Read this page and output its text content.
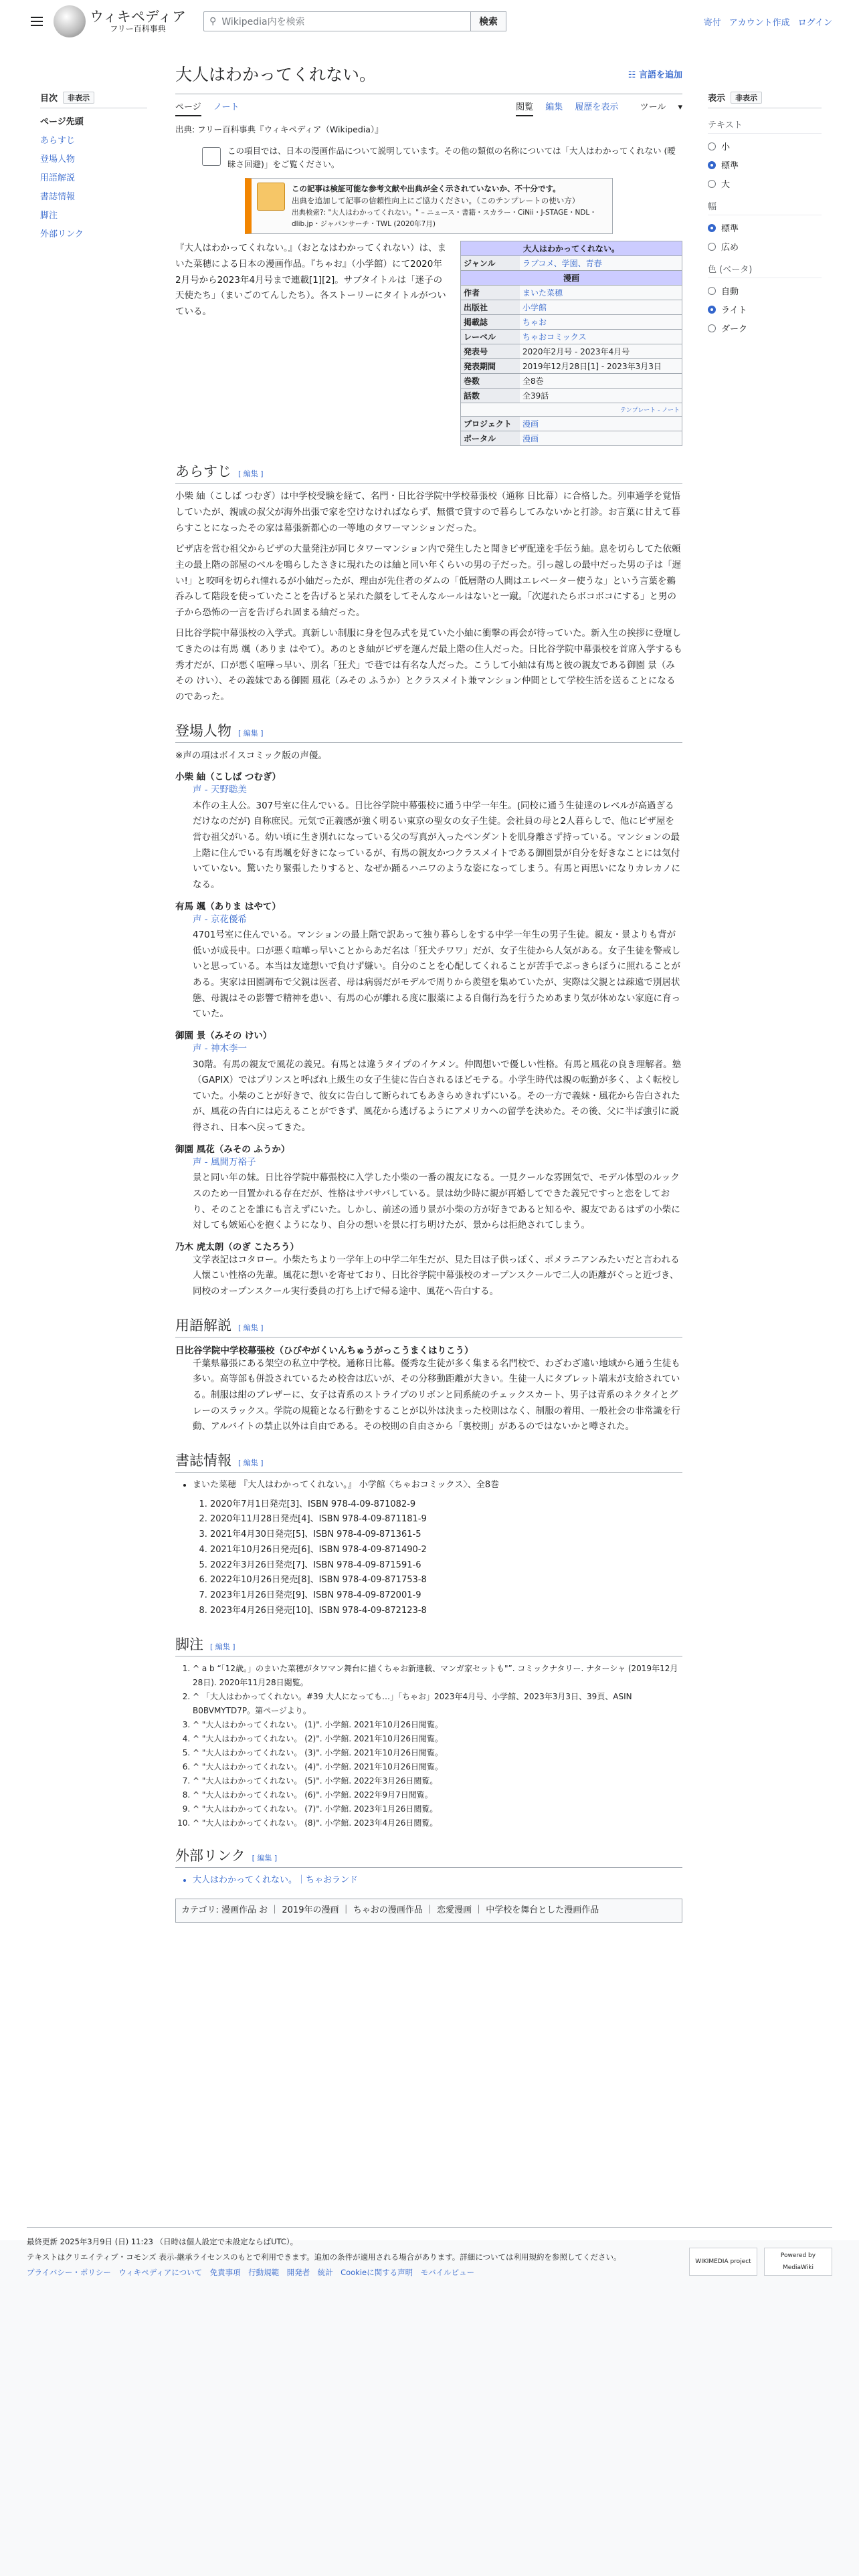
ウィキペディア
フリー百科事典
⚲ Wikipedia内を検索	検索	寄付 アカウント作成 ログイン
目次	非表示
ページ先頭
あらすじ
登場人物
用語解説
書誌情報
脚注
外部リンク
表示	非表示
テキスト
小
標準
大
幅
標準
広め
色 (ベータ)
自動
ライト
ダーク
大人はわかってくれない。	☷ 言語を追加
ページ ノート	閲覧 編集 履歴を表示 ツール ▾
出典: フリー百科事典『ウィキペディア（Wikipedia）』
この項目では、日本の漫画作品について説明しています。その他の類似の名称については「大人はわかってくれない (曖昧さ回避)」をご覧ください。
この記事は検証可能な参考文献や出典が全く示されていないか、不十分です。
出典を追加して記事の信頼性向上にご協力ください。（このテンプレートの使い方）
出典検索?: "大人はわかってくれない。" – ニュース・書籍・スカラー・CiNii・J-STAGE・NDL・dlib.jp・ジャパンサーチ・TWL (2020年7月)
『大人はわかってくれない。』（おとなはわかってくれない）は、まいた菜穂による日本の漫画作品。『ちゃお』（小学館）にて2020年2月号から2023年4月号まで連載[1][2]。サブタイトルは「迷子の天使たち」（まいごのてんしたち）。各ストーリーにタイトルがついている。
大人はわかってくれない。
ジャンル	ラブコメ、学園、青春
漫画	
作者	まいた菜穂
出版社	小学館
掲載誌	ちゃお
レーベル	ちゃおコミックス
発表号	2020年2月号 - 2023年4月号
発表期間	2019年12月28日[1] - 2023年3月3日
巻数	全8巻
話数	全39話
テンプレート - ノート
プロジェクト	漫画
ポータル	漫画
あらすじ [ 編集 ]

小柴 紬（こしば つむぎ）は中学校受験を経て、名門・日比谷学院中学校幕張校（通称 日比幕）に合格した。列車通学を覚悟していたが、親戚の叔父が海外出張で家を空けなければならず、無償で貸すので暮らしてみないかと打診。お言葉に甘えて暮らすことになったその家は幕張新都心の一等地のタワーマンションだった。

ピザ店を営む祖父からピザの大量発注が同じタワーマンション内で発生したと聞きピザ配達を手伝う紬。息を切らしてた依頼主の最上階の部屋のベルを鳴らしたさきに現れたのは紬と同い年くらいの男の子だった。引っ越しの最中だった男の子は「遅い!」と咬呵を切られ憧れるが小紬だったが、理由が先住者のダムの「低層階の人間はエレベーター使うな」という言葉を鵜呑みして階段を使っていたことを告げると呆れた顔をしてそんなルールはないと一蹴。「次遅れたらボコボコにする」と男の子から恐怖の一言を告げられ固まる紬だった。

日比谷学院中幕張校の入学式。真新しい制服に身を包み式を見ていた小紬に衝撃の再会が待っていた。新入生の挨拶に登壇してきたのは有馬 颯（ありま はやて）。あのとき紬がピザを運んだ最上階の住人だった。日比谷学院中幕張校を首席入学するも秀才だが、口が悪く喧嘩っ早い、別名「狂犬」で巷では有名な人だった。こうして小紬は有馬と彼の親友である御園 景（みその けい）、その義妹である御園 風花（みその ふうか）とクラスメイト兼マンション仲間として学校生活を送ることになるのであった。

登場人物 [ 編集 ]

※声の項はボイスコミック版の声優。

小柴 紬（こしば つむぎ）
声 - 天野聡美
本作の主人公。307号室に住んでいる。日比谷学院中幕張校に通う中学一年生。(同校に通う生徒達のレベルが高過ぎるだけなのだが) 自称庶民。元気で正義感が強く明るい東京の聖女の女子生徒。会社員の母と2人暮らしで、他にピザ屋を営む祖父がいる。幼い頃に生き別れになっている父の写真が入ったペンダントを肌身離さず持っている。マンションの最上階に住んでいる有馬颯を好きになっているが、有馬の親友かつクラスメイトである御園景が自分を好きなことには気付いていない。驚いたり緊張したりすると、なぜか踊るハニワのような姿になってしまう。有馬と両思いになりカレカノになる。
有馬 颯（ありま はやて）
声 - 京花優希
4701号室に住んでいる。マンションの最上階で訳あって独り暮らしをする中学一年生の男子生徒。親友・景よりも背が低いが成長中。口が悪く喧嘩っ早いことからあだ名は「狂犬チワワ」だが、女子生徒から人気がある。女子生徒を警戒しいと思っている。本当は友達想いで負けず嫌い。自分のことを心配してくれることが苦手でぶっきらぼうに照れることがある。実家は田園調布で父親は医者、母は病弱だがモデルで周りから羨望を集めていたが、実際は父親とは疎遠で別居状態、母親はその影響で精神を患い、有馬の心が離れる度に服薬による自傷行為を行うためあまり気が休めない家庭に育っていた。
御園 景（みその けい）
声 - 神木李一
30階。有馬の親友で風花の義兄。有馬とは違うタイプのイケメン。仲間想いで優しい性格。有馬と風花の良き理解者。塾（GAPIX）ではプリンスと呼ばれ上級生の女子生徒に告白されるほどモテる。小学生時代は親の転勤が多く、よく転校していた。小柴のことが好きで、彼女に告白して断られてもあきらめきれずにいる。その一方で義妹・風花から告白されたが、風花の告白には応えることができず、風花から逃げるようにアメリカへの留学を決めた。その後、父に半ば強引に説得され、日本へ戻ってきた。
御園 風花（みその ふうか）
声 - 風間万裕子
景と同い年の妹。日比谷学院中幕張校に入学した小柴の一番の親友になる。一見クールな雰囲気で、モデル体型のルックスのため一目置かれる存在だが、性格はサバサバしている。景は幼少時に親が再婚してできた義兄ですっと恋をしており、そのことを誰にも言えずにいた。しかし、前述の通り景が小柴の方が好きであると知るや、親友であるはずの小柴に対しても嫉妬心を抱くようになり、自分の想いを景に打ち明けたが、景からは拒絶されてしまう。
乃木 虎太朗（のぎ こたろう）
文学表記はコタロー。小柴たちより一学年上の中学二年生だが、見た目は子供っぽく、ポメラニアンみたいだと言われる人懐こい性格の先輩。風花に想いを寄せており、日比谷学院中幕張校のオープンスクールで二人の距離がぐっと近づき、同校のオープンスクール実行委員の打ち上げで帰る途中、風花へ告白する。
用語解説 [ 編集 ]
日比谷学院中学校幕張校（ひびやがくいんちゅうがっこうまくはりこう）
千葉県幕張にある架空の私立中学校。通称日比幕。優秀な生徒が多く集まる名門校で、わざわざ遠い地域から通う生徒も多い。高等部も併設されているため校舎は広いが、その分移動距離が大きい。生徒一人にタブレット端末が支給されている。制服は紺のブレザーに、女子は青系のストライプのリボンと同系統のチェックスカート、男子は青系のネクタイとグレーのスラックス。学院の規範となる行動をすることが以外は決まった校則はなく、制服の着用、一般社会の非常識を行動、アルバイトの禁止以外は自由である。その校則の自由さから「裏校則」があるのではないかと噂された。
書誌情報 [ 編集 ]
• まいた菜穂 『大人はわかってくれない。』 小学館〈ちゃおコミックス〉、全8巻
1. 2020年7月1日発売[3]、ISBN 978-4-09-871082-9
2. 2020年11月28日発売[4]、ISBN 978-4-09-871181-9
3. 2021年4月30日発売[5]、ISBN 978-4-09-871361-5
4. 2021年10月26日発売[6]、ISBN 978-4-09-871490-2
5. 2022年3月26日発売[7]、ISBN 978-4-09-871591-6
6. 2022年10月26日発売[8]、ISBN 978-4-09-871753-8
7. 2023年1月26日発売[9]、ISBN 978-4-09-872001-9
8. 2023年4月26日発売[10]、ISBN 978-4-09-872123-8
脚注 [ 編集 ]
1. ^ a b “「12歳。」のまいた菜穂がタワマン舞台に描くちゃお新連載、マンガ家セットも"”. コミックナタリー. ナターシャ (2019年12月28日). 2020年11月28日閲覧。
2. ^ 「大人はわかってくれない。#39 大人になっても…」「ちゃお」2023年4月号、小学館、2023年3月3日、39頁、ASIN B0BVMYTD7P。第ページより。
3. ^ "大人はわかってくれない。 (1)". 小学館. 2021年10月26日閲覧。
4. ^ "大人はわかってくれない。 (2)". 小学館. 2021年10月26日閲覧。
5. ^ "大人はわかってくれない。 (3)". 小学館. 2021年10月26日閲覧。
6. ^ "大人はわかってくれない。 (4)". 小学館. 2021年10月26日閲覧。
7. ^ "大人はわかってくれない。 (5)". 小学館. 2022年3月26日閲覧。
8. ^ "大人はわかってくれない。 (6)". 小学館. 2022年9月7日閲覧。
9. ^ "大人はわかってくれない。 (7)". 小学館. 2023年1月26日閲覧。
10. ^ "大人はわかってくれない。 (8)". 小学館. 2023年4月26日閲覧。
外部リンク [ 編集 ]
• 大人はわかってくれない。｜ちゃおランド
カテゴリ: 漫画作品 お ｜ 2019年の漫画 ｜ ちゃおの漫画作品 ｜ 恋愛漫画 ｜ 中学校を舞台とした漫画作品
最終更新 2025年3月9日 (日) 11:23 （日時は個人設定で未設定ならばUTC）。
テキストはクリエイティブ・コモンズ 表示-継承ライセンスのもとで利用できます。追加の条件が適用される場合があります。詳細については利用規約を参照してください。
プライバシー・ポリシー　ウィキペディアについて　免責事項　行動規範　開発者　統計　Cookieに関する声明　モバイルビュー
WIKIMEDIA project
Powered by MediaWiki
